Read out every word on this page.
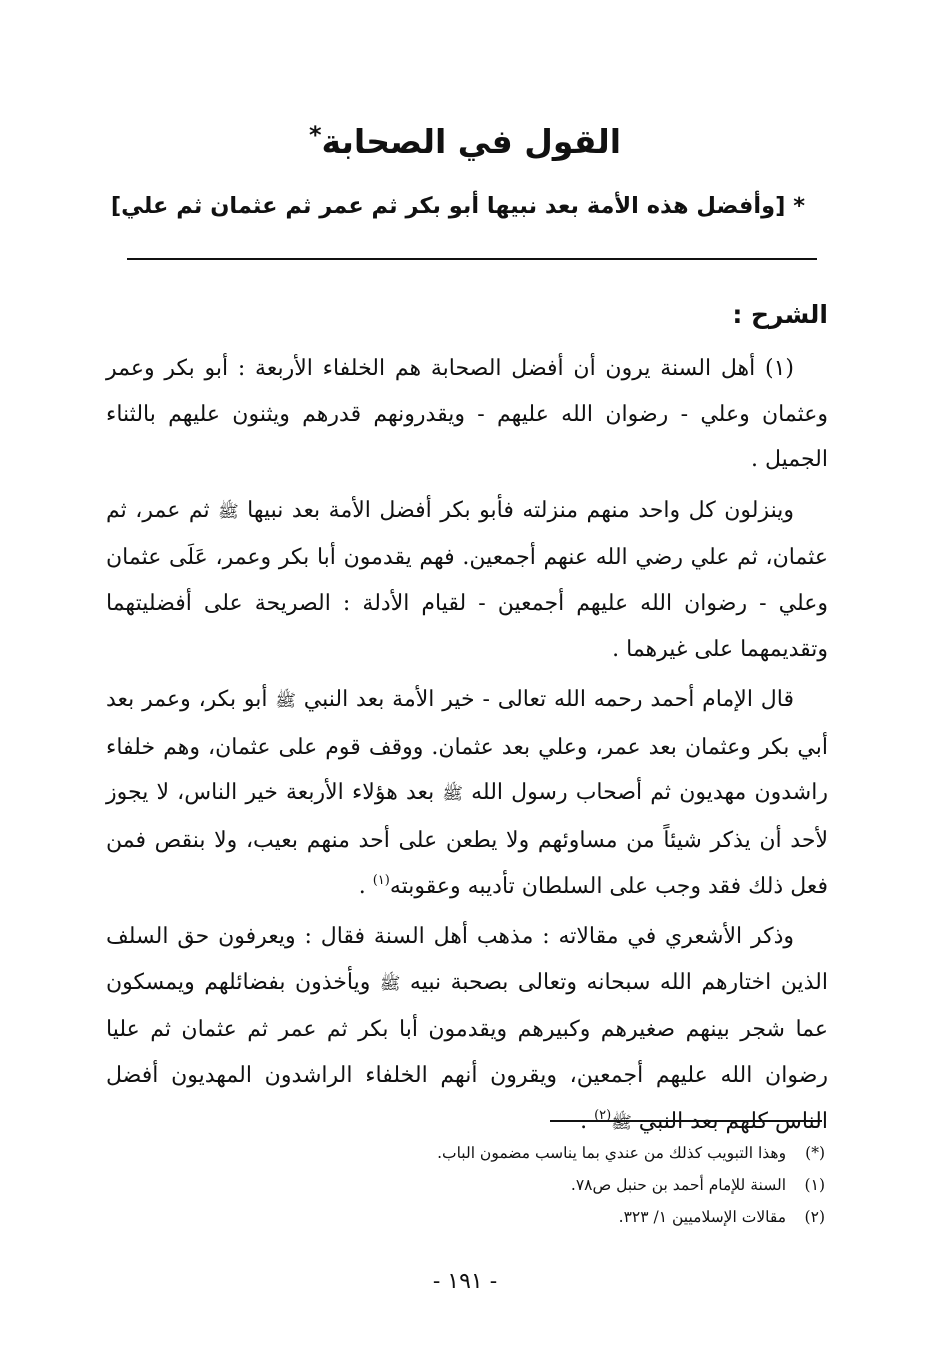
القول في الصحابة*

* [وأفضل هذه الأمة بعد نبيها أبو بكر ثم عمر ثم عثمان ثم علي]

الشرح :

(١) أهل السنة يرون أن أفضل الصحابة هم الخلفاء الأربعة : أبو بكر وعمر وعثمان وعلي - رضوان الله عليهم - ويقدرونهم قدرهم ويثنون عليهم بالثناء الجميل .

وينزلون كل واحد منهم منزلته فأبو بكر أفضل الأمة بعد نبيها ﷺ ثم عمر، ثم عثمان، ثم علي رضي الله عنهم أجمعين. فهم يقدمون أبا بكر وعمر، عَلَى عثمان وعلي - رضوان الله عليهم أجمعين - لقيام الأدلة : الصريحة على أفضليتهما وتقديمهما على غيرهما .

قال الإمام أحمد رحمه الله تعالى - خير الأمة بعد النبي ﷺ أبو بكر، وعمر بعد أبي بكر وعثمان بعد عمر، وعلي بعد عثمان. ووقف قوم على عثمان، وهم خلفاء راشدون مهديون ثم أصحاب رسول الله ﷺ بعد هؤلاء الأربعة خير الناس، لا يجوز لأحد أن يذكر شيئاً من مساوئهم ولا يطعن على أحد منهم بعيب، ولا بنقص فمن فعل ذلك فقد وجب على السلطان تأديبه وعقوبته$^{(١)}$ .

وذكر الأشعري في مقالاته : مذهب أهل السنة فقال : ويعرفون حق السلف الذين اختارهم الله سبحانه وتعالى بصحبة نبيه ﷺ ويأخذون بفضائلهم ويمسكون عما شجر بينهم صغيرهم وكبيرهم ويقدمون أبا بكر ثم عمر ثم عثمان ثم عليا رضوان الله عليهم أجمعين، ويقرون أنهم الخلفاء الراشدون المهديون أفضل الناس كلهم بعد النبي ﷺ$^{(٢)}$ .

(*) وهذا التبويب كذلك من عندي بما يناسب مضمون الباب.

(١) السنة للإمام أحمد بن حنبل ص٧٨.

(٢) مقالات الإسلاميين ١/ ٣٢٣.

- ١٩١ -
